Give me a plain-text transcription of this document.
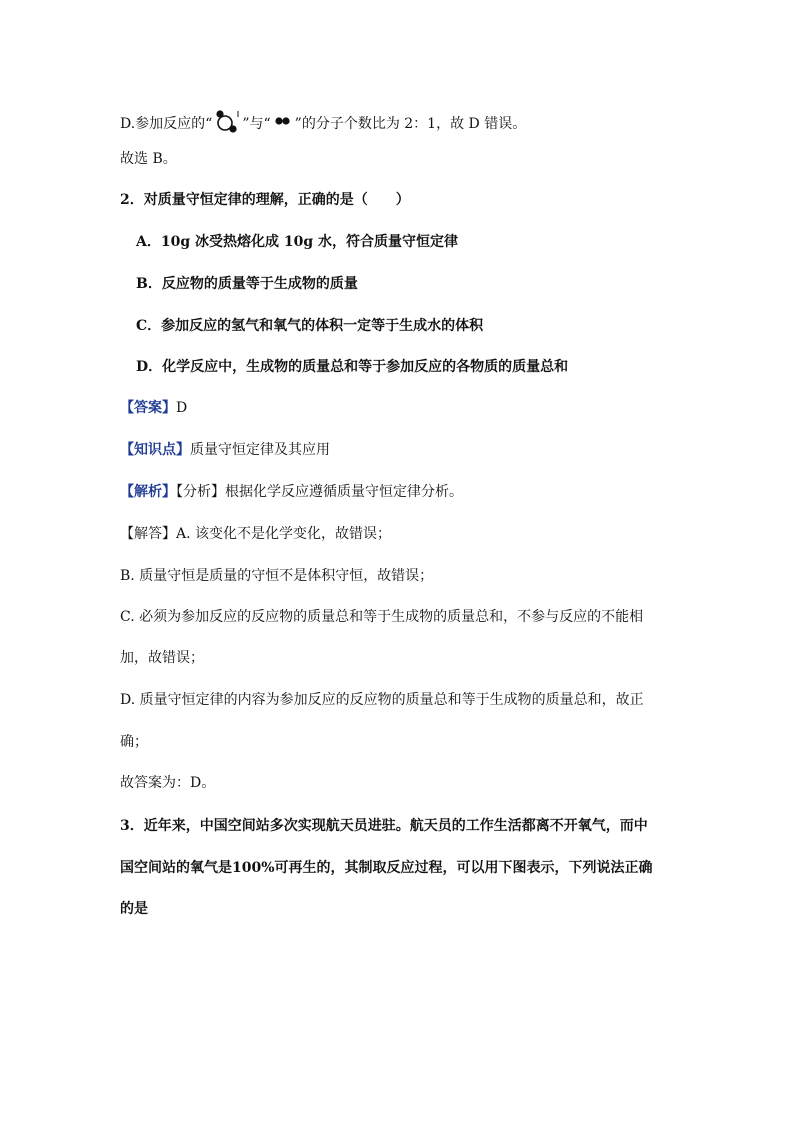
D.参加反应的“ ”与“ ”的分子个数比为 2：1，故 D 错误。
故选 B。
2．对质量守恒定律的理解，正确的是（　　）
A．10g 冰受热熔化成 10g 水，符合质量守恒定律
B．反应物的质量等于生成物的质量
C．参加反应的氢气和氧气的体积一定等于生成水的体积
D．化学反应中，生成物的质量总和等于参加反应的各物质的质量总和
【答案】D
【知识点】质量守恒定律及其应用
【解析】【分析】根据化学反应遵循质量守恒定律分析。
【解答】A. 该变化不是化学变化，故错误；
B. 质量守恒是质量的守恒不是体积守恒，故错误；
C. 必须为参加反应的反应物的质量总和等于生成物的质量总和，不参与反应的不能相
加，故错误；
D. 质量守恒定律的内容为参加反应的反应物的质量总和等于生成物的质量总和，故正
确；
故答案为：D。
3．近年来，中国空间站多次实现航天员进驻。航天员的工作生活都离不开氧气，而中
国空间站的氧气是100%可再生的，其制取反应过程，可以用下图表示，下列说法正确
的是
